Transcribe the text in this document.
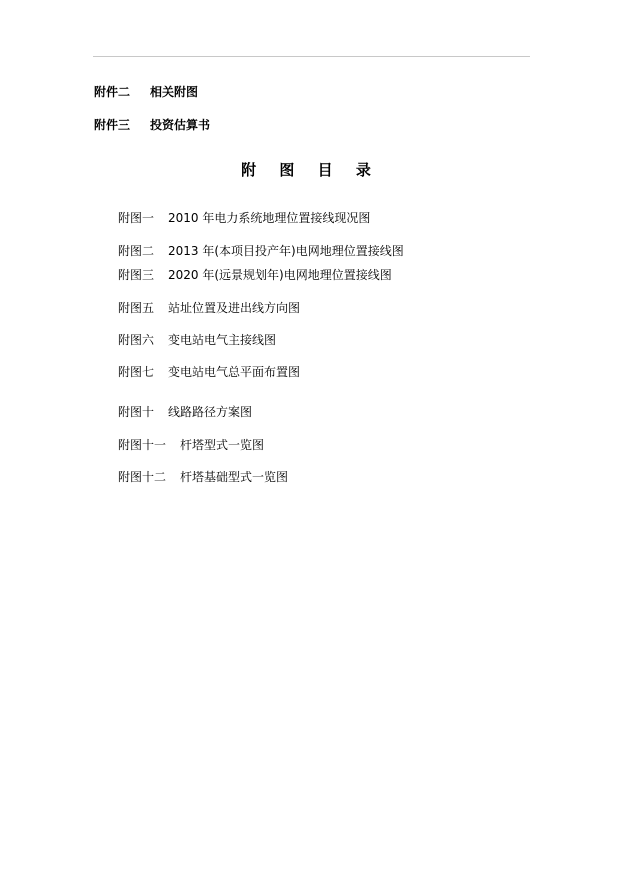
附件二 相关附图
附件三 投资估算书
附 图 目 录
附图一 2010 年电力系统地理位置接线现况图
附图二 2013 年(本项目投产年)电网地理位置接线图
附图三 2020 年(远景规划年)电网地理位置接线图
附图五 站址位置及进出线方向图
附图六 变电站电气主接线图
附图七 变电站电气总平面布置图
附图十 线路路径方案图
附图十一 杆塔型式一览图
附图十二 杆塔基础型式一览图
